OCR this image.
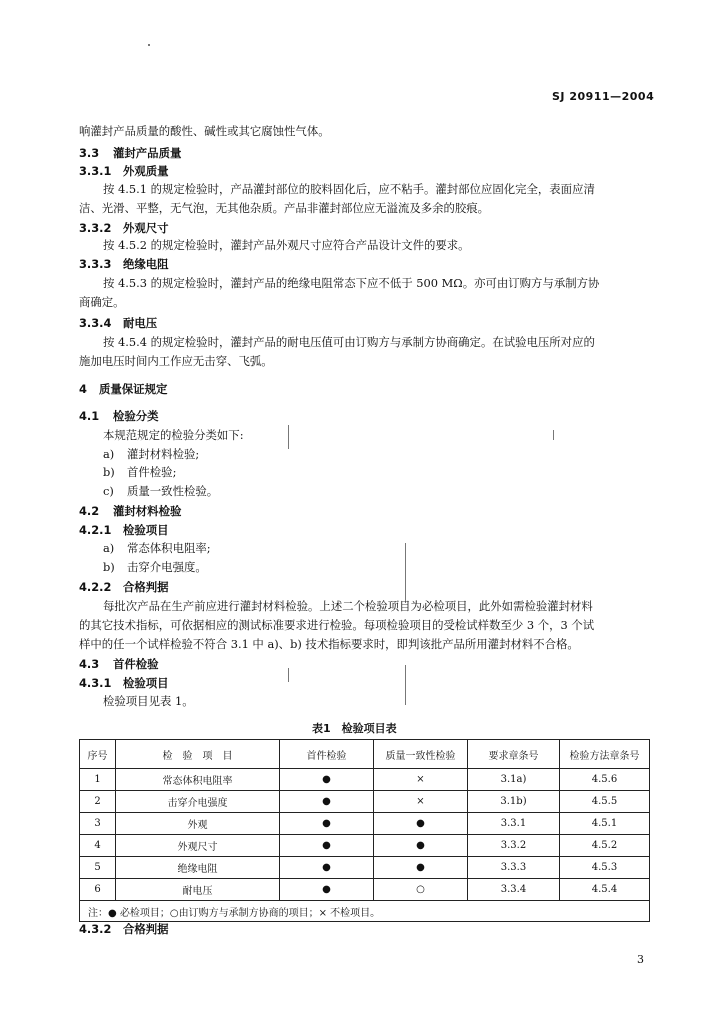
SJ 20911—2004
响灌封产品质量的酸性、碱性或其它腐蚀性气体。
3.3 灌封产品质量
3.3.1 外观质量
按 4.5.1 的规定检验时，产品灌封部位的胶料固化后，应不粘手。灌封部位应固化完全，表面应清
洁、光滑、平整，无气泡，无其他杂质。产品非灌封部位应无溢流及多余的胶痕。
3.3.2 外观尺寸
按 4.5.2 的规定检验时，灌封产品外观尺寸应符合产品设计文件的要求。
3.3.3 绝缘电阻
按 4.5.3 的规定检验时，灌封产品的绝缘电阻常态下应不低于 500 MΩ。亦可由订购方与承制方协
商确定。
3.3.4 耐电压
按 4.5.4 的规定检验时，灌封产品的耐电压值可由订购方与承制方协商确定。在试验电压所对应的
施加电压时间内工作应无击穿、飞弧。
4 质量保证规定
4.1 检验分类
本规范规定的检验分类如下:
a) 灌封材料检验;
b) 首件检验;
c) 质量一致性检验。
4.2 灌封材料检验
4.2.1 检验项目
a) 常态体积电阻率;
b) 击穿介电强度。
4.2.2 合格判据
每批次产品在生产前应进行灌封材料检验。上述二个检验项目为必检项目，此外如需检验灌封材料
的其它技术指标，可依据相应的测试标准要求进行检验。每项检验项目的受检试样数至少 3 个，3 个试
样中的任一个试样检验不符合 3.1 中 a)、b) 技术指标要求时，即判该批产品所用灌封材料不合格。
4.3 首件检验
4.3.1 检验项目
检验项目见表 1。
表1　检验项目表
序号	检　验　项　目	首件检验	质量一致性检验	要求章条号	检验方法章条号
1	常态体积电阻率	●	×	3.1a)	4.5.6
2	击穿介电强度	●	×	3.1b)	4.5.5
3	外观	●	●	3.3.1	4.5.1
4	外观尺寸	●	●	3.3.2	4.5.2
5	绝缘电阻	●	●	3.3.3	4.5.3
6	耐电压	●	○	3.3.4	4.5.4
注：● 必检项目；○由订购方与承制方协商的项目；× 不检项目。					
4.3.2 合格判据
3
